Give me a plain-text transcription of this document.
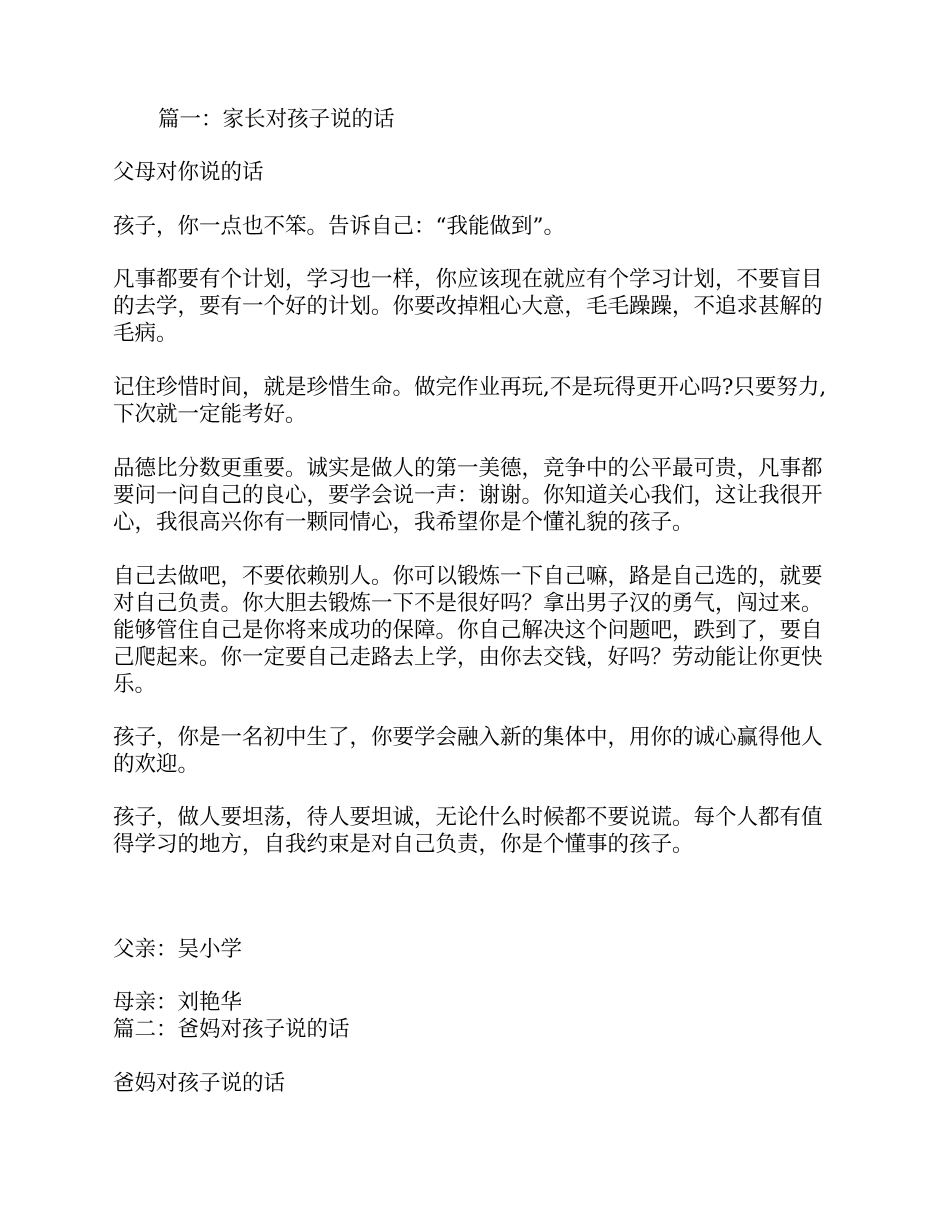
篇一：家长对孩子说的话
父母对你说的话

孩子，你一点也不笨。告诉自己：“我能做到”。

凡事都要有个计划，学习也一样，你应该现在就应有个学习计划，不要盲目的去学，要有一个好的计划。你要改掉粗心大意，毛毛躁躁，不追求甚解的毛病。

记住珍惜时间，就是珍惜生命。做完作业再玩,不是玩得更开心吗?只要努力,下次就一定能考好。

品德比分数更重要。诚实是做人的第一美德，竞争中的公平最可贵，凡事都要问一问自己的良心，要学会说一声：谢谢。你知道关心我们，这让我很开心，我很高兴你有一颗同情心，我希望你是个懂礼貌的孩子。

自己去做吧，不要依赖别人。你可以锻炼一下自己嘛，路是自己选的，就要对自己负责。你大胆去锻炼一下不是很好吗？拿出男子汉的勇气，闯过来。能够管住自己是你将来成功的保障。你自己解决这个问题吧，跌到了，要自己爬起来。你一定要自己走路去上学，由你去交钱，好吗？劳动能让你更快乐。

孩子，你是一名初中生了，你要学会融入新的集体中，用你的诚心赢得他人的欢迎。

孩子，做人要坦荡，待人要坦诚，无论什么时候都不要说谎。每个人都有值得学习的地方，自我约束是对自己负责，你是个懂事的孩子。

父亲：吴小学
母亲：刘艳华
篇二：爸妈对孩子说的话
爸妈对孩子说的话
